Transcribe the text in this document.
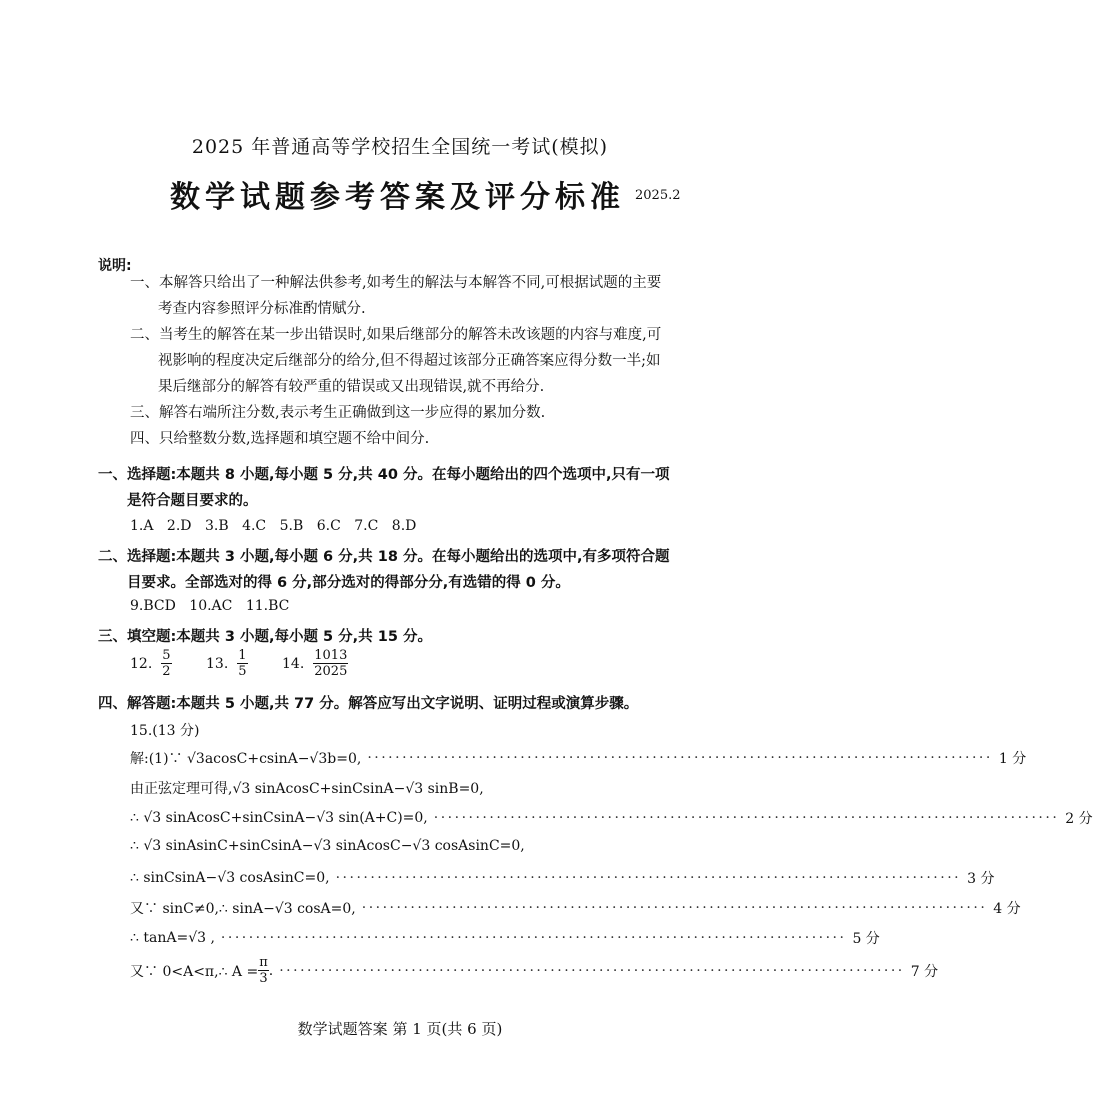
2025 年普通高等学校招生全国统一考试(模拟)
数学试题参考答案及评分标准 2025.2
说明:
一、本解答只给出了一种解法供参考,如考生的解法与本解答不同,可根据试题的主要
考查内容参照评分标准酌情赋分.
二、当考生的解答在某一步出错误时,如果后继部分的解答未改该题的内容与难度,可
视影响的程度决定后继部分的给分,但不得超过该部分正确答案应得分数一半;如
果后继部分的解答有较严重的错误或又出现错误,就不再给分.
三、解答右端所注分数,表示考生正确做到这一步应得的累加分数.
四、只给整数分数,选择题和填空题不给中间分.
一、选择题:本题共 8 小题,每小题 5 分,共 40 分。在每小题给出的四个选项中,只有一项
是符合题目要求的。
1.A 2.D 3.B 4.C 5.B 6.C 7.C 8.D
二、选择题:本题共 3 小题,每小题 6 分,共 18 分。在每小题给出的选项中,有多项符合题
目要求。全部选对的得 6 分,部分选对的得部分分,有选错的得 0 分。
9.BCD 10.AC 11.BC
三、填空题:本题共 3 小题,每小题 5 分,共 15 分。
12. $\frac{5}{2}$
13. $\frac{1}{5}$
14. $\frac{1013}{2025}$
四、解答题:本题共 5 小题,共 77 分。解答应写出文字说明、证明过程或演算步骤。
15.(13 分)
解:(1)∵ √3acosC+csinA−√3b=0, ·························································································· 1 分
由正弦定理可得,√3 sinAcosC+sinCsinA−√3 sinB=0,
∴ √3 sinAcosC+sinCsinA−√3 sin(A+C)=0, ·························································································· 2 分
∴ √3 sinAsinC+sinCsinA−√3 sinAcosC−√3 cosAsinC=0,
∴ sinCsinA−√3 cosAsinC=0, ·························································································· 3 分
又∵ sinC≠0,∴ sinA−√3 cosA=0, ·························································································· 4 分
∴ tanA=√3 , ·························································································· 5 分
又∵ 0<A<π,∴ $A = \frac{\pi}{3}$ . ·························································································· 7 分
数学试题答案 第 1 页(共 6 页)
